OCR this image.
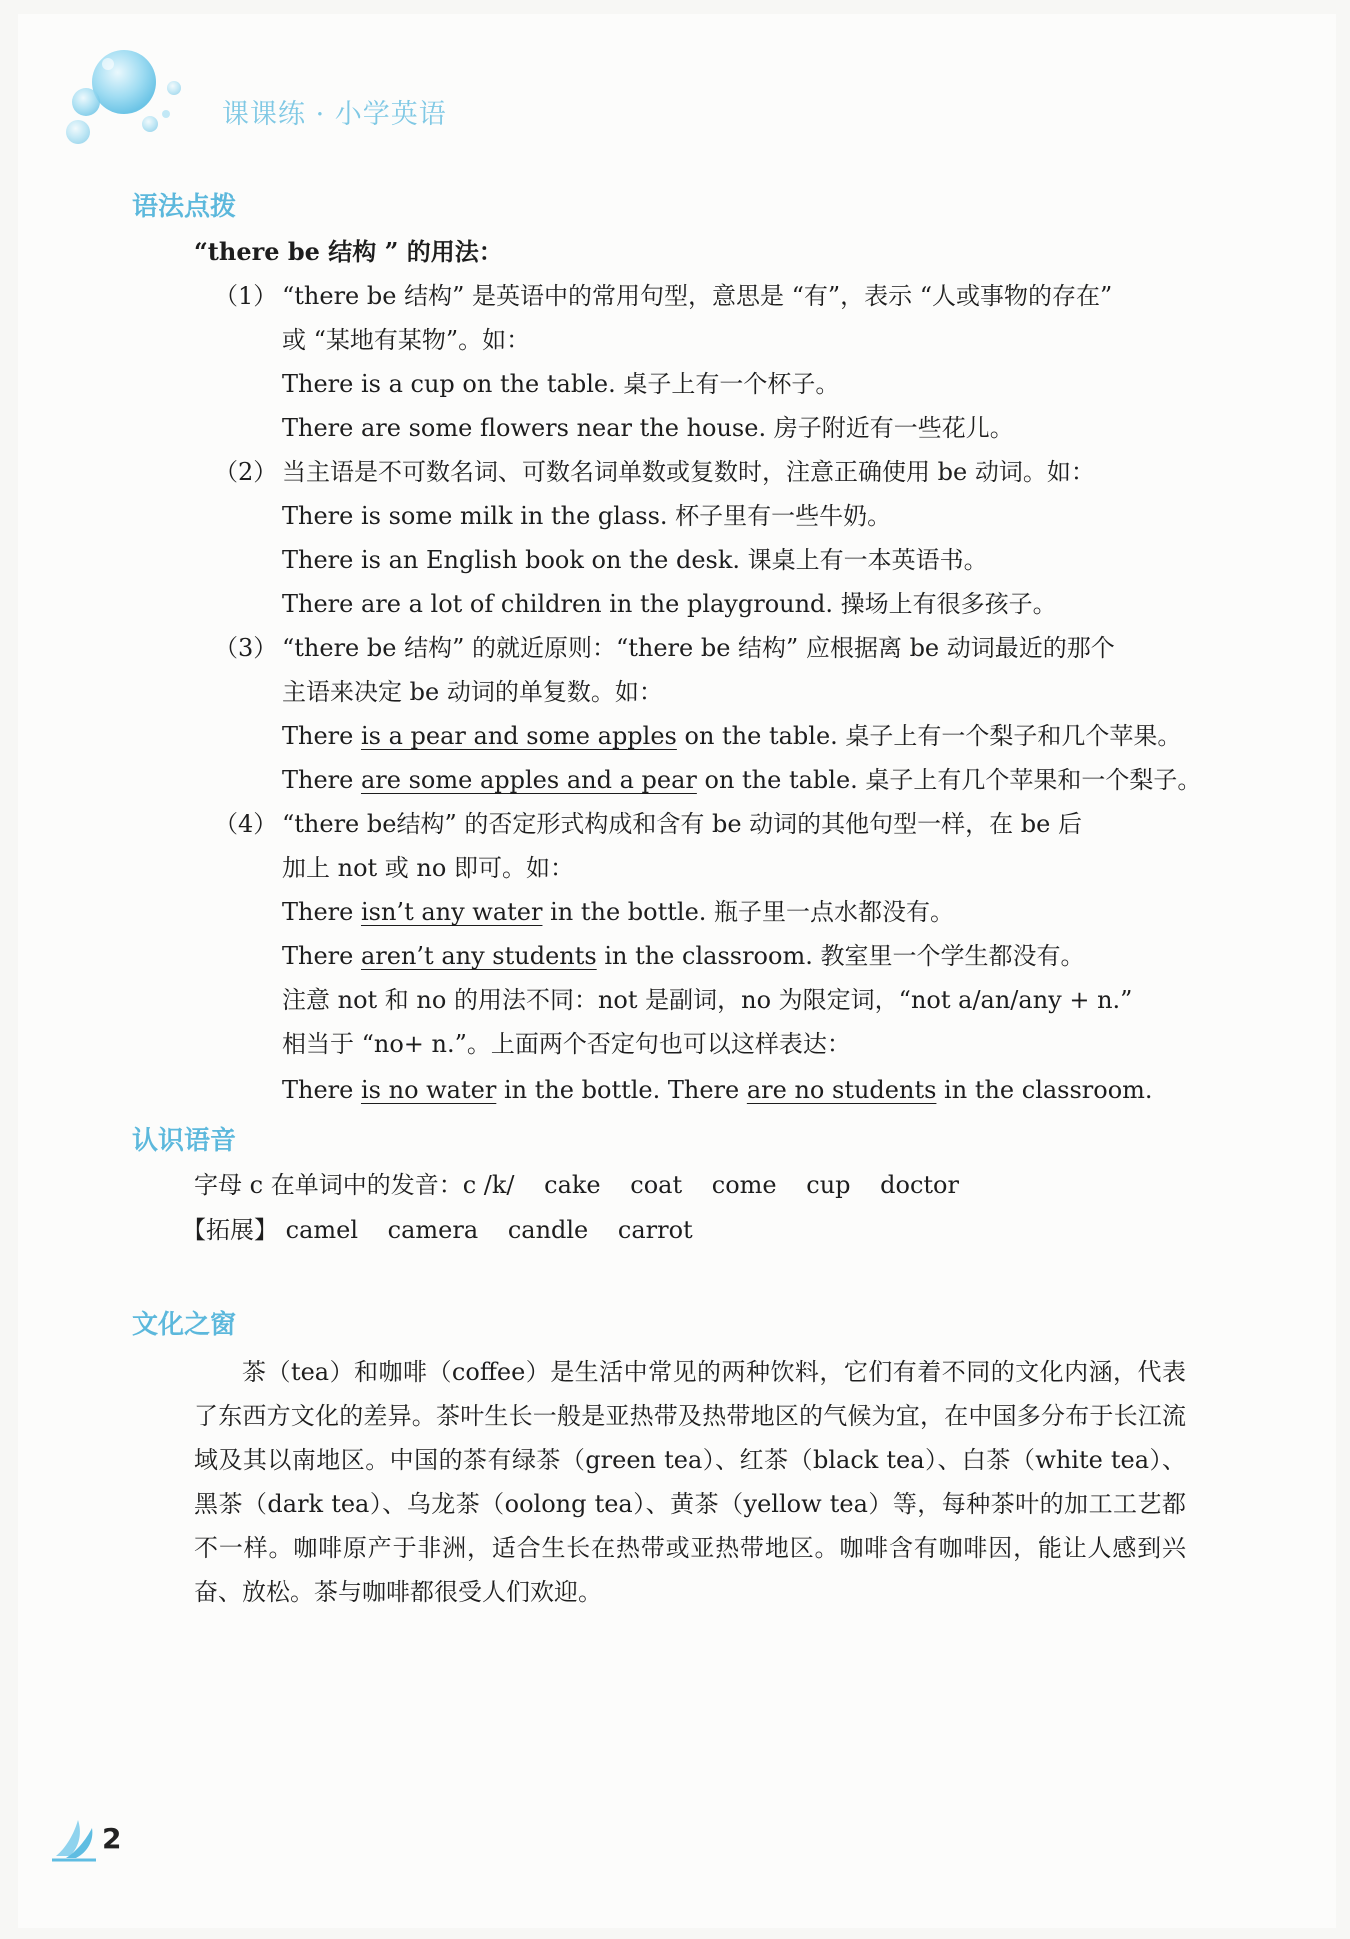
课课练 · 小学英语
语法点拨
“there be 结构 ” 的用法：
（1） “there be 结构” 是英语中的常用句型，意思是 “有”，表示 “人或事物的存在”
或 “某地有某物”。如：
There is a cup on the table. 桌子上有一个杯子。
There are some flowers near the house. 房子附近有一些花儿。
（2） 当主语是不可数名词、可数名词单数或复数时，注意正确使用 be 动词。如：
There is some milk in the glass. 杯子里有一些牛奶。
There is an English book on the desk. 课桌上有一本英语书。
There are a lot of children in the playground. 操场上有很多孩子。
（3） “there be 结构” 的就近原则：“there be 结构” 应根据离 be 动词最近的那个
主语来决定 be 动词的单复数。如：
There is a pear and some apples on the table. 桌子上有一个梨子和几个苹果。
There are some apples and a pear on the table. 桌子上有几个苹果和一个梨子。
（4） “there be结构” 的否定形式构成和含有 be 动词的其他句型一样，在 be 后
加上 not 或 no 即可。如：
There isn’t any water in the bottle. 瓶子里一点水都没有。
There aren’t any students in the classroom. 教室里一个学生都没有。
注意 not 和 no 的用法不同：not 是副词，no 为限定词，“not a/an/any + n.”
相当于 “no+ n.”。上面两个否定句也可以这样表达：
There is no water in the bottle. There are no students in the classroom.
认识语音
字母 c 在单词中的发音：c /k/ cake coat come cup doctor
【拓展】 camel camera candle carrot
文化之窗
茶（tea）和咖啡（coffee）是生活中常见的两种饮料，它们有着不同的文化内涵，代表了东西方文化的差异。茶叶生长一般是亚热带及热带地区的气候为宜，在中国多分布于长江流域及其以南地区。中国的茶有绿茶（green tea）、红茶（black tea）、白茶（white tea）、黑茶（dark tea）、乌龙茶（oolong tea）、黄茶（yellow tea）等，每种茶叶的加工工艺都不一样。咖啡原产于非洲，适合生长在热带或亚热带地区。咖啡含有咖啡因，能让人感到兴奋、放松。茶与咖啡都很受人们欢迎。
2
